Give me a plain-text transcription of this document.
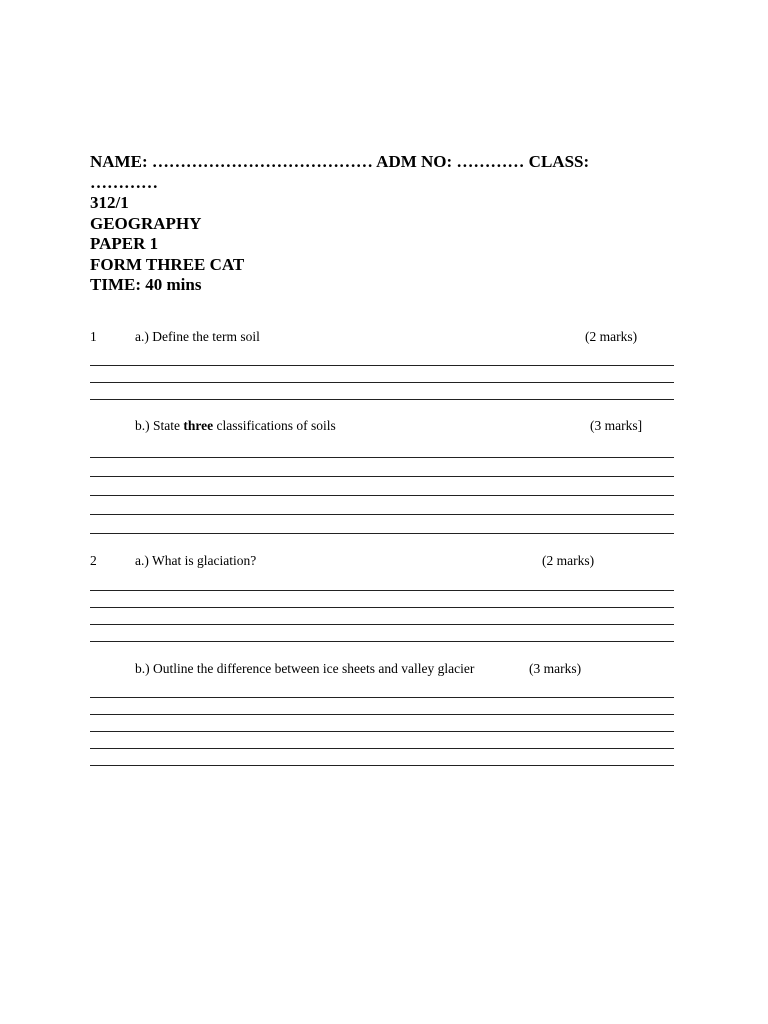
NAME: ………………………………… ADM NO: ………… CLASS:

…………

312/1

GEOGRAPHY

PAPER 1

FORM THREE CAT

TIME: 40 mins

1	a.) Define the term soil	(2 marks)
b.) State three classifications of soils	(3 marks]
2	a.) What is glaciation?	(2 marks)
b.) Outline the difference between ice sheets and valley glacier	(3 marks)
